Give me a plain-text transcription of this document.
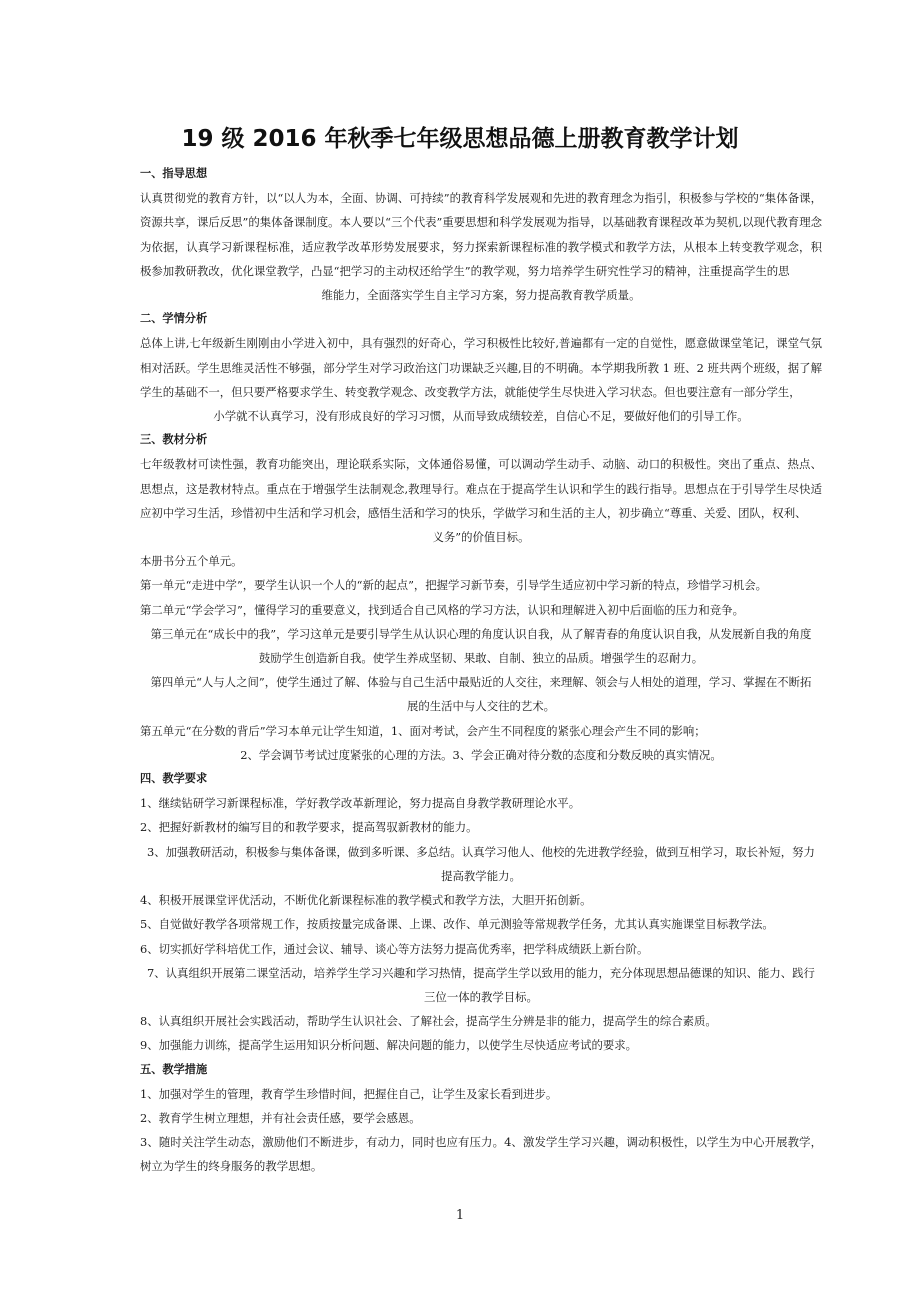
19 级 2016 年秋季七年级思想品德上册教育教学计划

一、指导思想

认真贯彻党的教育方针，以“以人为本，全面、协调、可持续”的教育科学发展观和先进的教育理念为指引，积极参与学校的“集体备课，资源共享，课后反思”的集体备课制度。本人要以“三个代表”重要思想和科学发展观为指导，以基础教育课程改革为契机,以现代教育理念为依据，认真学习新课程标准，适应教学改革形势发展要求，努力探索新课程标准的教学模式和教学方法，从根本上转变教学观念，积极参加教研教改，优化课堂教学，凸显“把学习的主动权还给学生”的教学观，努力培养学生研究性学习的精神，注重提高学生的思

维能力，全面落实学生自主学习方案，努力提高教育教学质量。

二、学情分析

总体上讲,七年级新生刚刚由小学进入初中，具有强烈的好奇心，学习积极性比较好,普遍都有一定的自觉性，愿意做课堂笔记，课堂气氛相对活跃。学生思维灵活性不够强，部分学生对学习政治这门功课缺乏兴趣,目的不明确。本学期我所教 1 班、2 班共两个班级，据了解学生的基础不一，但只要严格要求学生、转变教学观念、改变教学方法，就能使学生尽快进入学习状态。但也要注意有一部分学生，

小学就不认真学习，没有形成良好的学习习惯，从而导致成绩较差，自信心不足，要做好他们的引导工作。

三、教材分析

七年级教材可读性强，教育功能突出，理论联系实际，文体通俗易懂，可以调动学生动手、动脑、动口的积极性。突出了重点、热点、思想点，这是教材特点。重点在于增强学生法制观念,教理导行。难点在于提高学生认识和学生的践行指导。思想点在于引导学生尽快适应初中学习生活，珍惜初中生活和学习机会，感悟生活和学习的快乐，学做学习和生活的主人，初步确立“尊重、关爱、团队，权利、

义务”的价值目标。

本册书分五个单元。

第一单元“走进中学”，要学生认识一个人的“新的起点”，把握学习新节奏，引导学生适应初中学习新的特点，珍惜学习机会。

第二单元“学会学习”，懂得学习的重要意义，找到适合自己风格的学习方法，认识和理解进入初中后面临的压力和竞争。

第三单元在“成长中的我”，学习这单元是要引导学生从认识心理的角度认识自我，从了解青春的角度认识自我，从发展新自我的角度

鼓励学生创造新自我。使学生养成坚韧、果敢、自制、独立的品质。增强学生的忍耐力。

第四单元“人与人之间”，使学生通过了解、体验与自己生活中最贴近的人交往，来理解、领会与人相处的道理，学习、掌握在不断拓

展的生活中与人交往的艺术。

第五单元“在分数的背后”学习本单元让学生知道，1、面对考试，会产生不同程度的紧张心理会产生不同的影响；

2、学会调节考试过度紧张的心理的方法。3、学会正确对待分数的态度和分数反映的真实情况。

四、教学要求

1、继续钻研学习新课程标准，学好教学改革新理论，努力提高自身教学教研理论水平。

2、把握好新教材的编写目的和教学要求，提高驾驭新教材的能力。

3、加强教研活动，积极参与集体备课，做到多听课、多总结。认真学习他人、他校的先进教学经验，做到互相学习，取长补短，努力

提高教学能力。

4、积极开展课堂评优活动，不断优化新课程标准的教学模式和教学方法，大胆开拓创新。

5、自觉做好教学各项常规工作，按质按量完成备课、上课、改作、单元测验等常规教学任务，尤其认真实施课堂目标教学法。

6、切实抓好学科培优工作，通过会议、辅导、谈心等方法努力提高优秀率，把学科成绩跃上新台阶。

7、认真组织开展第二课堂活动，培养学生学习兴趣和学习热情，提高学生学以致用的能力，充分体现思想品德课的知识、能力、践行

三位一体的教学目标。

8、认真组织开展社会实践活动，帮助学生认识社会、了解社会，提高学生分辨是非的能力，提高学生的综合素质。

9、加强能力训练，提高学生运用知识分析问题、解决问题的能力，以使学生尽快适应考试的要求。

五、教学措施

1、加强对学生的管理，教育学生珍惜时间，把握住自己，让学生及家长看到进步。

2、教育学生树立理想，并有社会责任感，要学会感恩。

3、随时关注学生动态，激励他们不断进步，有动力，同时也应有压力。4、激发学生学习兴趣，调动积极性，以学生为中心开展教学，树立为学生的终身服务的教学思想。

1
